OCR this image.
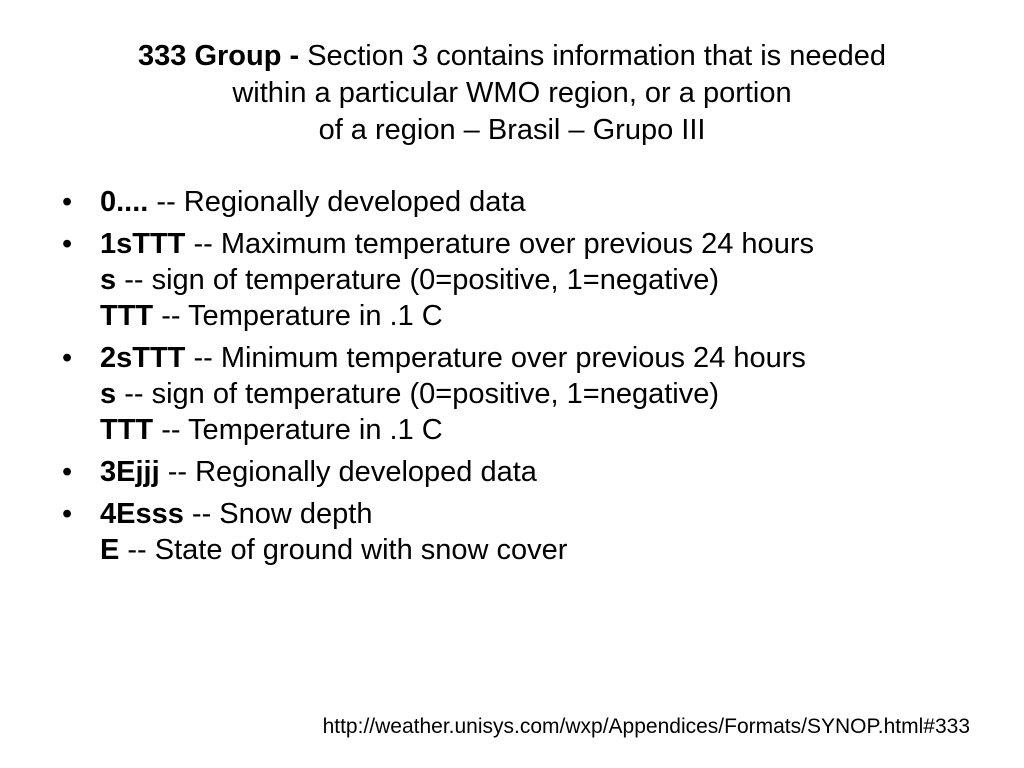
333 Group - Section 3 contains information that is needed
within a particular WMO region, or a portion
of a region – Brasil – Grupo III
• 0.... -- Regionally developed data
• 1sTTT -- Maximum temperature over previous 24 hours
s -- sign of temperature (0=positive, 1=negative)
TTT -- Temperature in .1 C
• 2sTTT -- Minimum temperature over previous 24 hours
s -- sign of temperature (0=positive, 1=negative)
TTT -- Temperature in .1 C
• 3Ejjj -- Regionally developed data
• 4Esss -- Snow depth
E -- State of ground with snow cover
http://weather.unisys.com/wxp/Appendices/Formats/SYNOP.html#333
